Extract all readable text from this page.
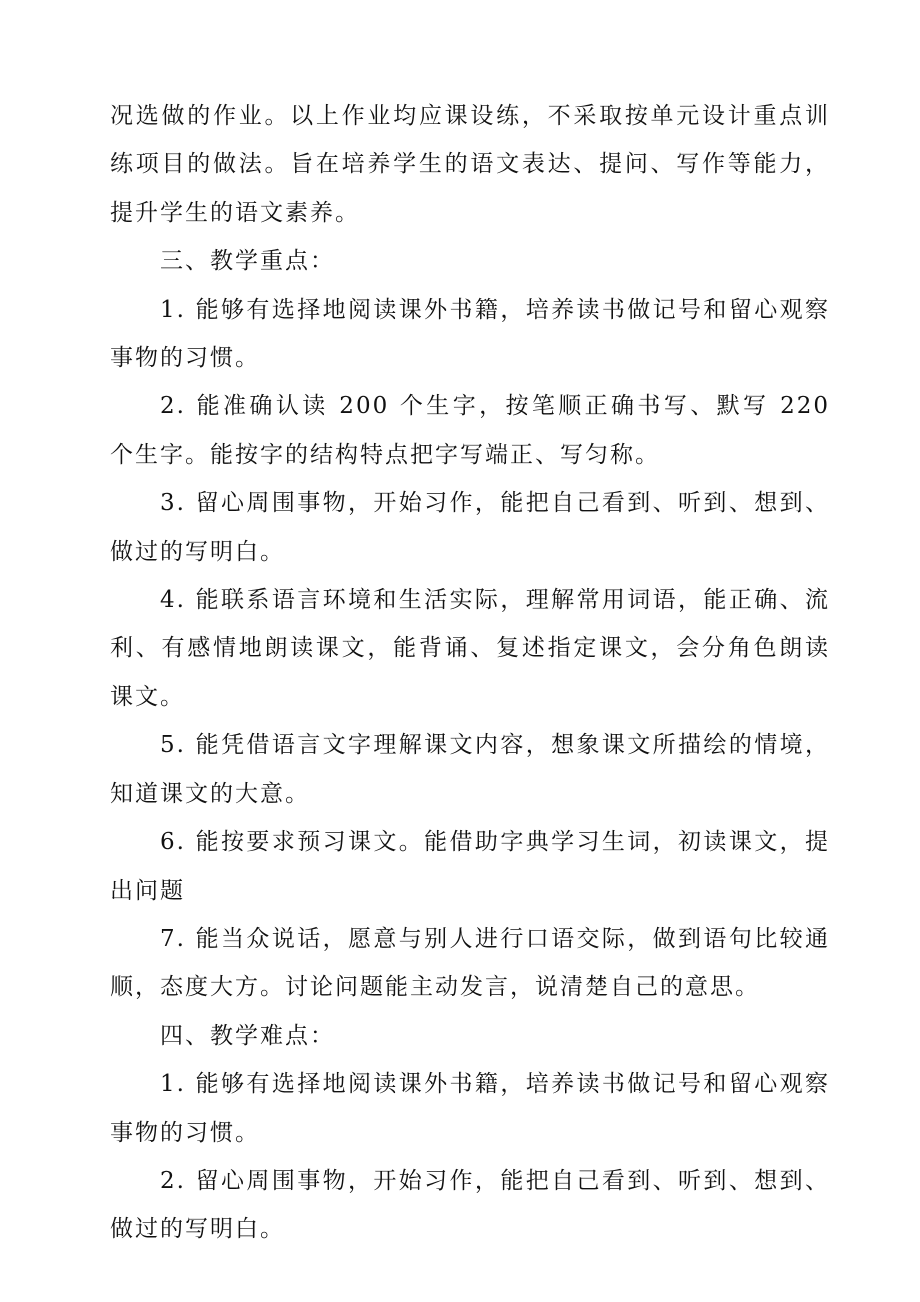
况选做的作业。以上作业均应课设练，不采取按单元设计重点训练项目的做法。旨在培养学生的语文表达、提问、写作等能力，提升学生的语文素养。

三、教学重点：

1. 能够有选择地阅读课外书籍，培养读书做记号和留心观察事物的习惯。

2. 能准确认读 200 个生字，按笔顺正确书写、默写 220 个生字。能按字的结构特点把字写端正、写匀称。

3. 留心周围事物，开始习作，能把自己看到、听到、想到、做过的写明白。

4. 能联系语言环境和生活实际，理解常用词语，能正确、流利、有感情地朗读课文，能背诵、复述指定课文，会分角色朗读课文。

5. 能凭借语言文字理解课文内容，想象课文所描绘的情境，知道课文的大意。

6. 能按要求预习课文。能借助字典学习生词，初读课文，提出问题

7. 能当众说话，愿意与别人进行口语交际，做到语句比较通顺，态度大方。讨论问题能主动发言，说清楚自己的意思。

四、教学难点：

1. 能够有选择地阅读课外书籍，培养读书做记号和留心观察事物的习惯。

2. 留心周围事物，开始习作，能把自己看到、听到、想到、做过的写明白。
